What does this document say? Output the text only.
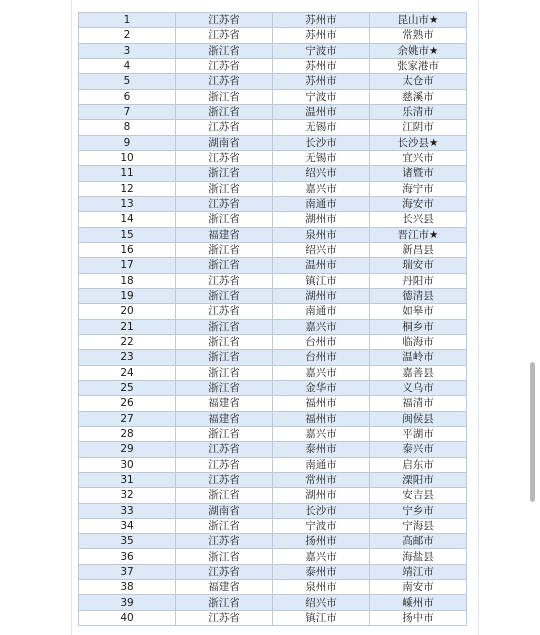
1	江苏省	苏州市	昆山市★
2	江苏省	苏州市	常熟市
3	浙江省	宁波市	余姚市★
4	江苏省	苏州市	张家港市
5	江苏省	苏州市	太仓市
6	浙江省	宁波市	慈溪市
7	浙江省	温州市	乐清市
8	江苏省	无锡市	江阴市
9	湖南省	长沙市	长沙县★
10	江苏省	无锡市	宜兴市
11	浙江省	绍兴市	诸暨市
12	浙江省	嘉兴市	海宁市
13	江苏省	南通市	海安市
14	浙江省	湖州市	长兴县
15	福建省	泉州市	晋江市★
16	浙江省	绍兴市	新昌县
17	浙江省	温州市	瑞安市
18	江苏省	镇江市	丹阳市
19	浙江省	湖州市	德清县
20	江苏省	南通市	如皋市
21	浙江省	嘉兴市	桐乡市
22	浙江省	台州市	临海市
23	浙江省	台州市	温岭市
24	浙江省	嘉兴市	嘉善县
25	浙江省	金华市	义乌市
26	福建省	福州市	福清市
27	福建省	福州市	闽侯县
28	浙江省	嘉兴市	平湖市
29	江苏省	泰州市	泰兴市
30	江苏省	南通市	启东市
31	江苏省	常州市	溧阳市
32	浙江省	湖州市	安吉县
33	湖南省	长沙市	宁乡市
34	浙江省	宁波市	宁海县
35	江苏省	扬州市	高邮市
36	浙江省	嘉兴市	海盐县
37	江苏省	泰州市	靖江市
38	福建省	泉州市	南安市
39	浙江省	绍兴市	嵊州市
40	江苏省	镇江市	扬中市
